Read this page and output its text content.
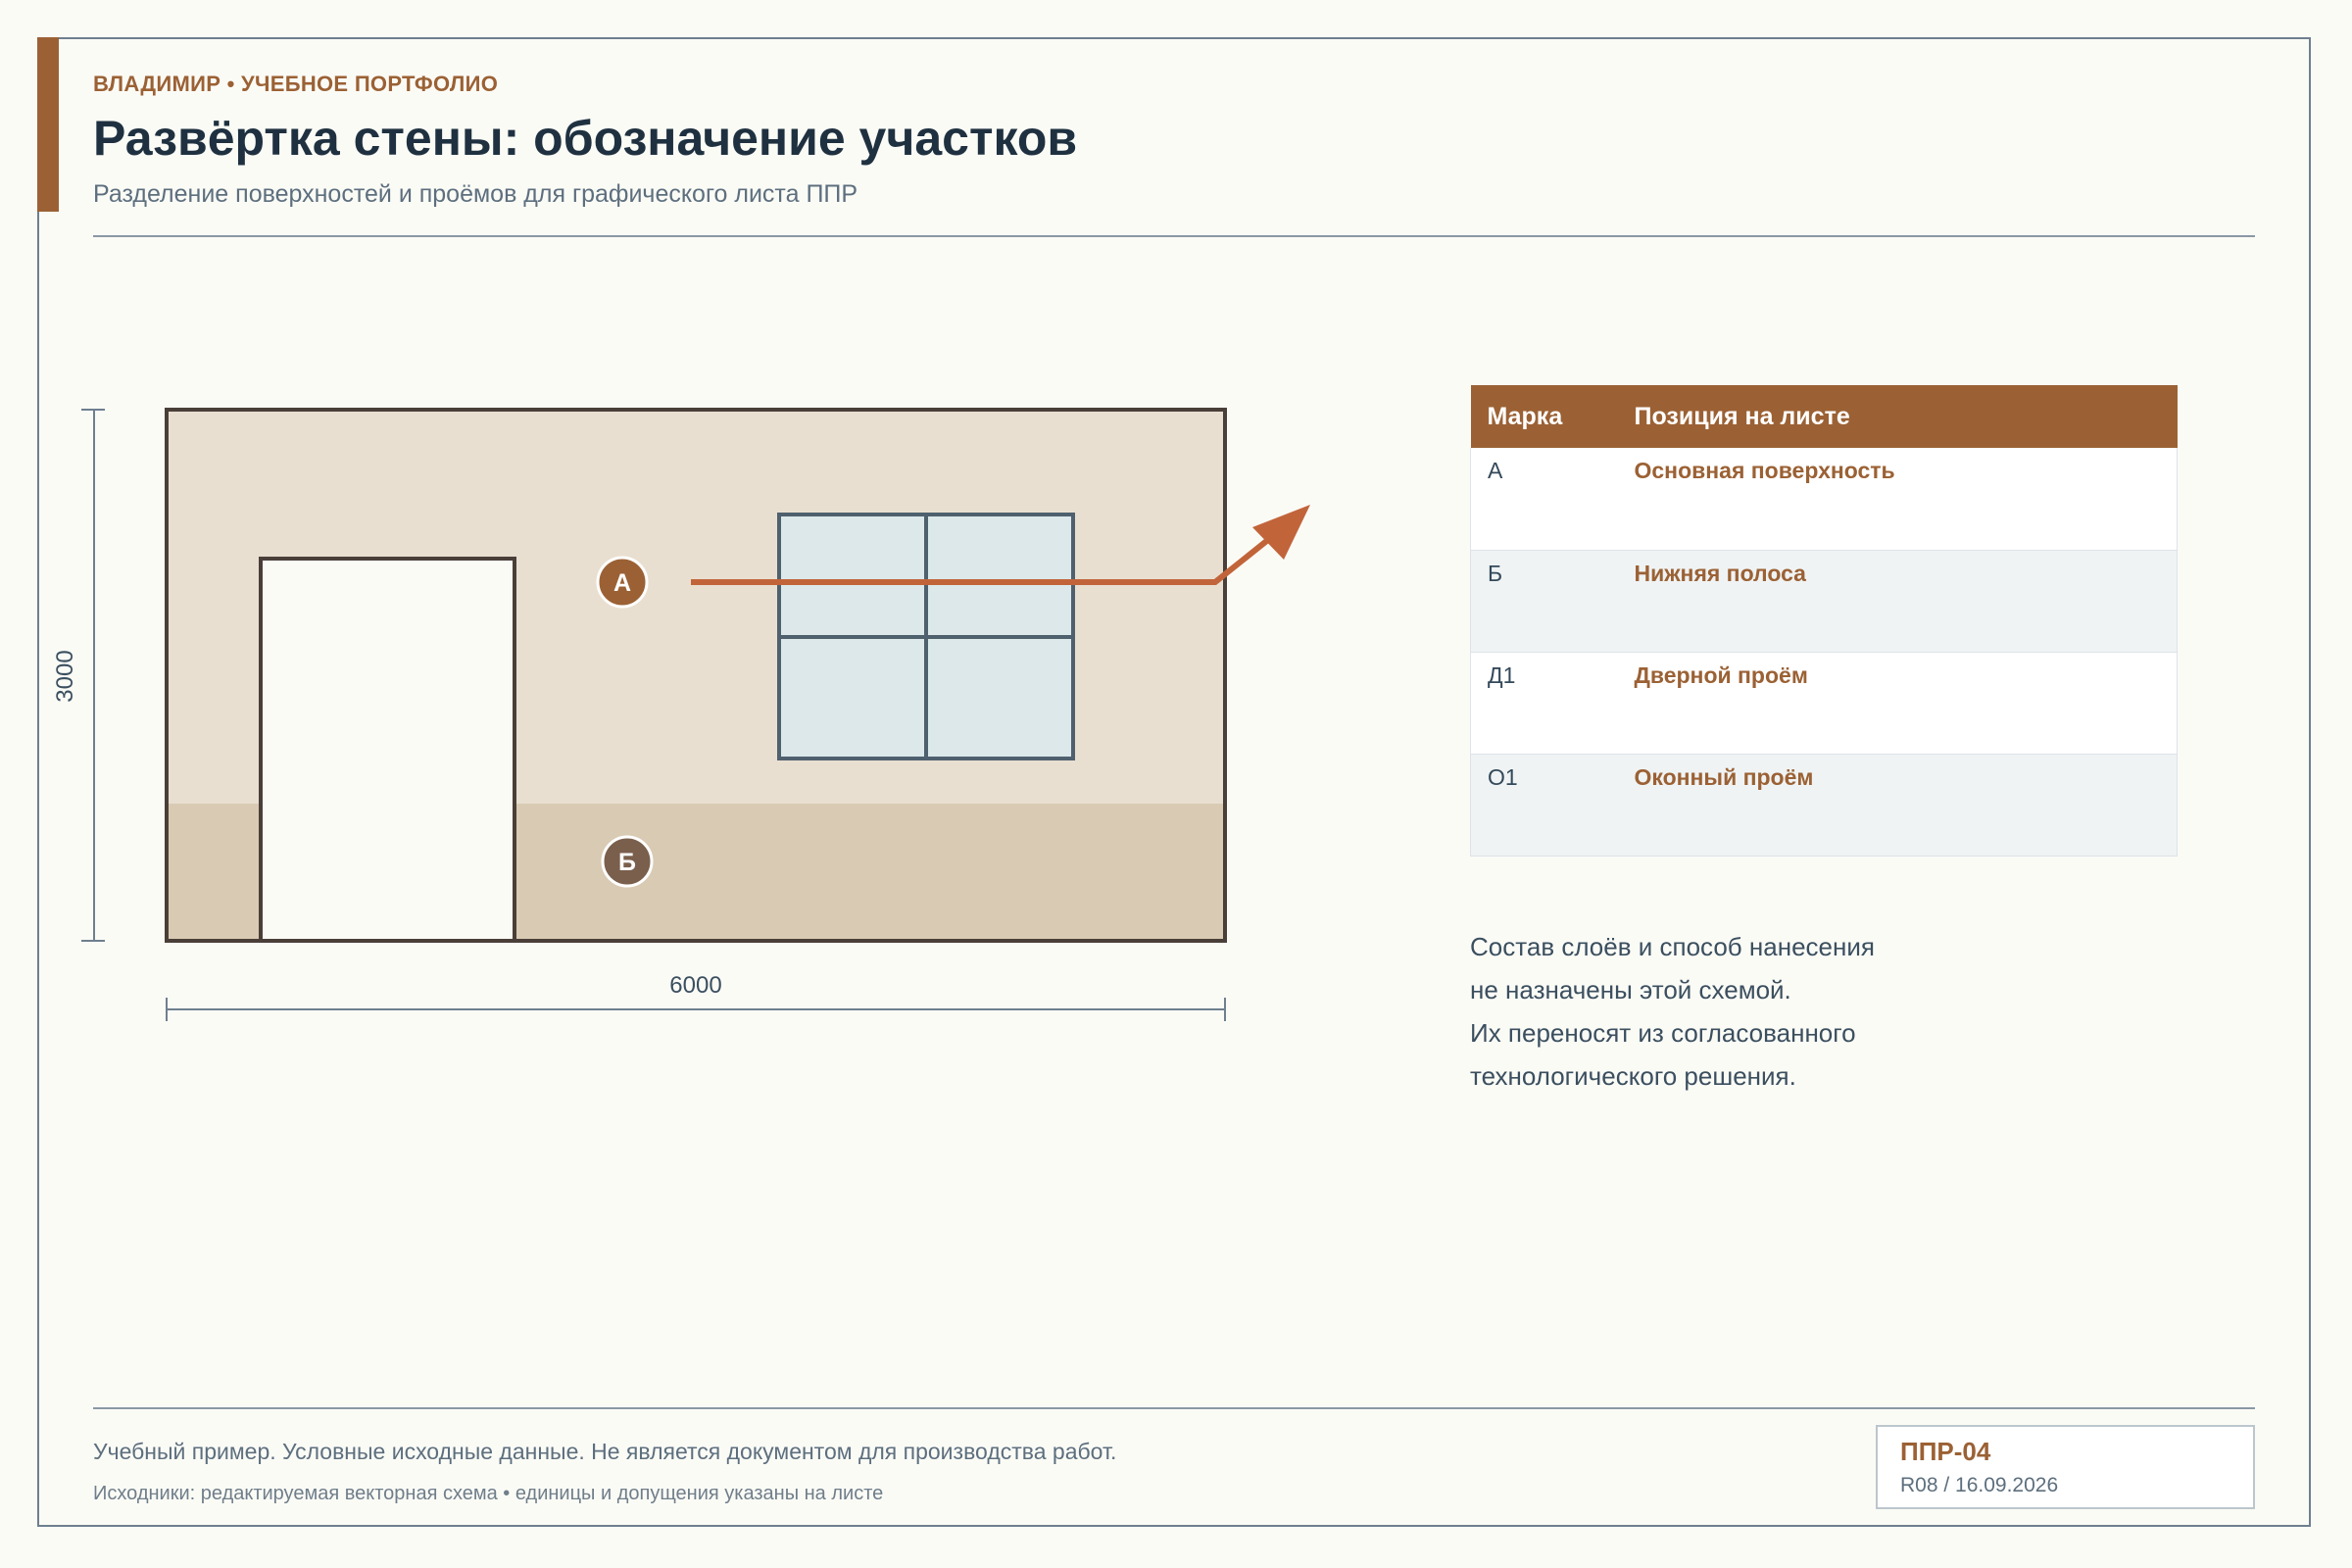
ВЛАДИМИР • УЧЕБНОЕ ПОРТФОЛИО
Развёртка стены: обозначение участков
Разделение поверхностей и проёмов для графического листа ППР
А
Б
3000
6000
Марка	Позиция на листе
А	Основная поверхность
Б	Нижняя полоса
Д1	Дверной проём
О1	Оконный проём
Состав слоёв и способ нанесения
не назначены этой схемой.
Их переносят из согласованного
технологического решения.
Учебный пример. Условные исходные данные. Не является документом для производства работ.
Исходники: редактируемая векторная схема • единицы и допущения указаны на листе
ППР-04
R08 / 16.09.2026
